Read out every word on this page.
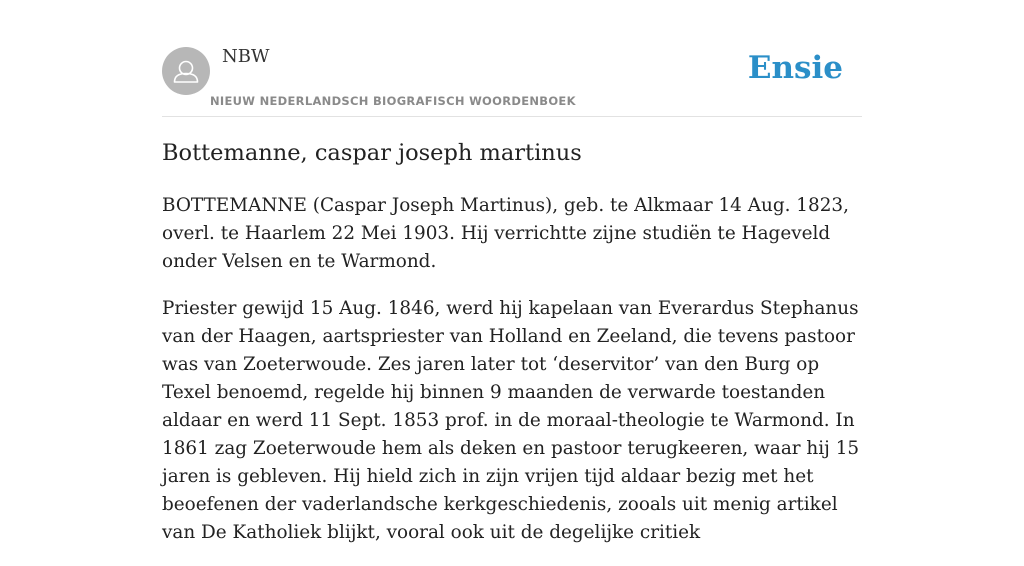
NBW
NIEUW NEDERLANDSCH BIOGRAFISCH WOORDENBOEK
Ensie
Bottemanne, caspar joseph martinus

BOTTEMANNE (Caspar Joseph Martinus), geb. te Alkmaar 14 Aug. 1823, overl. te Haarlem 22 Mei 1903. Hij verrichtte zijne studiën te Hageveld onder Velsen en te Warmond.

Priester gewijd 15 Aug. 1846, werd hij kapelaan van Everardus Stephanus van der Haagen, aartspriester van Holland en Zeeland, die tevens pastoor was van Zoeterwoude. Zes jaren later tot ‘deservitor’ van den Burg op Texel benoemd, regelde hij binnen 9 maanden de verwarde toestanden aldaar en werd 11 Sept. 1853 prof. in de moraal-theologie te Warmond. In 1861 zag Zoeterwoude hem als deken en pastoor terugkeeren, waar hij 15 jaren is gebleven. Hij hield zich in zijn vrijen tijd aldaar bezig met het beoefenen der vaderlandsche kerkgeschiedenis, zooals uit menig artikel van De Katholiek blijkt, vooral ook uit de degelijke critiek
